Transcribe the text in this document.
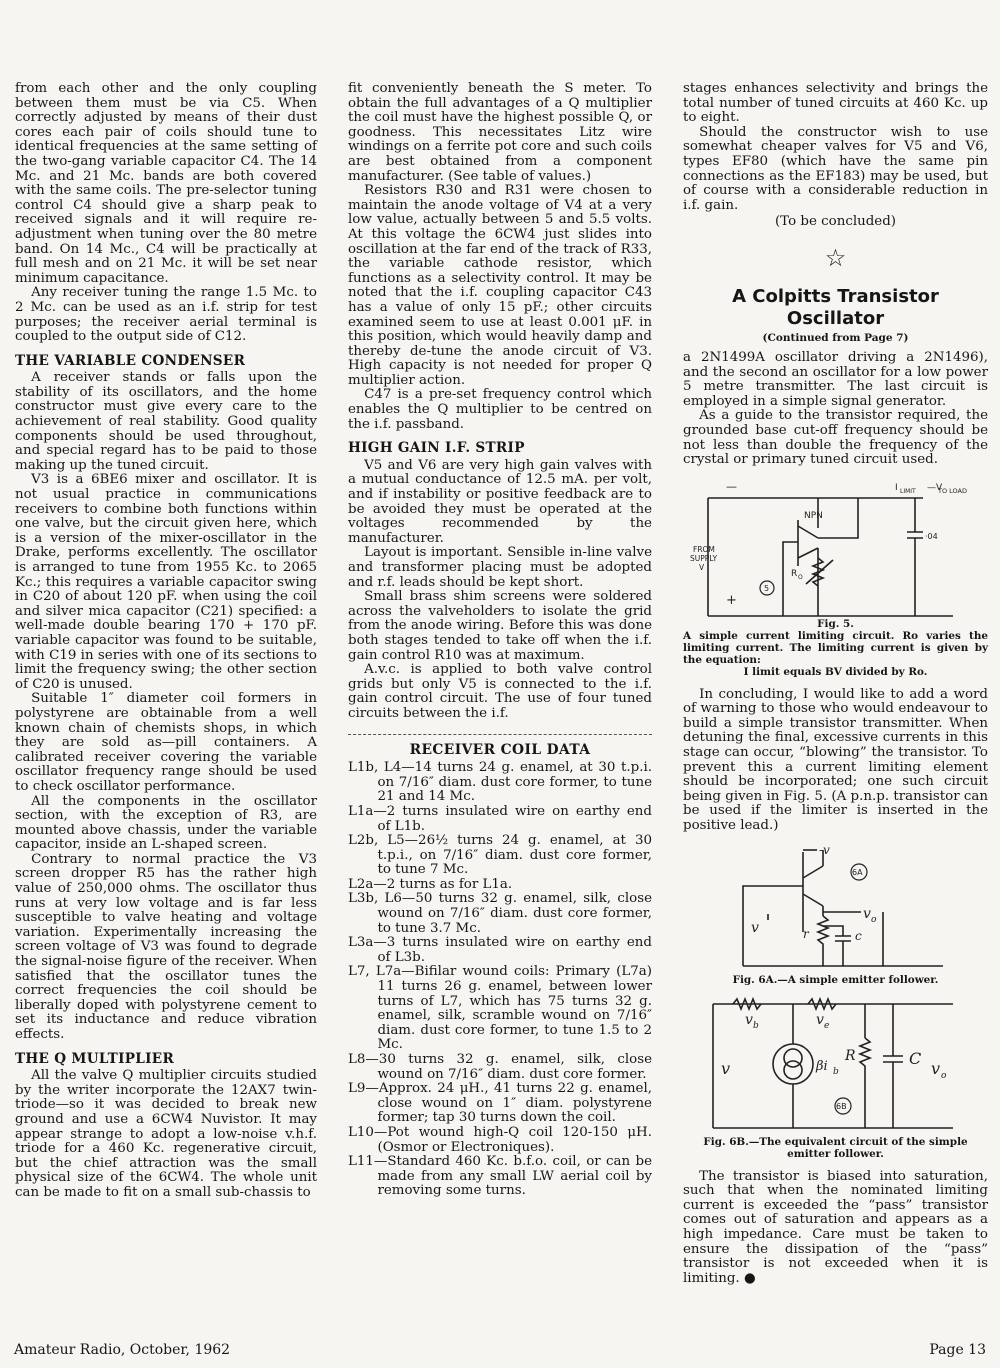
from each other and the only coupling between them must be via C5. When correctly adjusted by means of their dust cores each pair of coils should tune to identical frequencies at the same setting of the two-gang variable capacitor C4. The 14 Mc. and 21 Mc. bands are both covered with the same coils. The pre-selector tuning control C4 should give a sharp peak to received signals and it will require re-adjustment when tuning over the 80 metre band. On 14 Mc., C4 will be practically at full mesh and on 21 Mc. it will be set near minimum capacitance.

Any receiver tuning the range 1.5 Mc. to 2 Mc. can be used as an i.f. strip for test purposes; the receiver aerial terminal is coupled to the output side of C12.

THE VARIABLE CONDENSER

A receiver stands or falls upon the stability of its oscillators, and the home constructor must give every care to the achievement of real stability. Good quality components should be used throughout, and special regard has to be paid to those making up the tuned circuit.

V3 is a 6BE6 mixer and oscillator. It is not usual practice in communications receivers to combine both functions within one valve, but the circuit given here, which is a version of the mixer-oscillator in the Drake, performs excellently. The oscillator is arranged to tune from 1955 Kc. to 2065 Kc.; this requires a variable capacitor swing in C20 of about 120 pF. when using the coil and silver mica capacitor (C21) specified: a well-made double bearing 170 + 170 pF. variable capacitor was found to be suitable, with C19 in series with one of its sections to limit the frequency swing; the other section of C20 is unused.

Suitable 1″ diameter coil formers in polystyrene are obtainable from a well known chain of chemists shops, in which they are sold as—pill containers. A calibrated receiver covering the variable oscillator frequency range should be used to check oscillator performance.

All the components in the oscillator section, with the exception of R3, are mounted above chassis, under the variable capacitor, inside an L-shaped screen.

Contrary to normal practice the V3 screen dropper R5 has the rather high value of 250,000 ohms. The oscillator thus runs at very low voltage and is far less susceptible to valve heating and voltage variation. Experimentally increasing the screen voltage of V3 was found to degrade the signal-noise figure of the receiver. When satisfied that the oscillator tunes the correct frequencies the coil should be liberally doped with polystyrene cement to set its inductance and reduce vibration effects.

THE Q MULTIPLIER

All the valve Q multiplier circuits studied by the writer incorporate the 12AX7 twin-triode—so it was decided to break new ground and use a 6CW4 Nuvistor. It may appear strange to adopt a low-noise v.h.f. triode for a 460 Kc. regenerative circuit, but the chief attraction was the small physical size of the 6CW4. The whole unit can be made to fit on a small sub-chassis to

fit conveniently beneath the S meter. To obtain the full advantages of a Q multiplier the coil must have the highest possible Q, or goodness. This necessitates Litz wire windings on a ferrite pot core and such coils are best obtained from a component manufacturer. (See table of values.)

Resistors R30 and R31 were chosen to maintain the anode voltage of V4 at a very low value, actually between 5 and 5.5 volts. At this voltage the 6CW4 just slides into oscillation at the far end of the track of R33, the variable cathode resistor, which functions as a selectivity control. It may be noted that the i.f. coupling capacitor C43 has a value of only 15 pF.; other circuits examined seem to use at least 0.001 μF. in this position, which would heavily damp and thereby de-tune the anode circuit of V3. High capacity is not needed for proper Q multiplier action.

C47 is a pre-set frequency control which enables the Q multiplier to be centred on the i.f. passband.

HIGH GAIN I.F. STRIP

V5 and V6 are very high gain valves with a mutual conductance of 12.5 mA. per volt, and if instability or positive feedback are to be avoided they must be operated at the voltages recommended by the manufacturer.

Layout is important. Sensible in-line valve and transformer placing must be adopted and r.f. leads should be kept short.

Small brass shim screens were soldered across the valveholders to isolate the grid from the anode wiring. Before this was done both stages tended to take off when the i.f. gain control R10 was at maximum.

A.v.c. is applied to both valve control grids but only V5 is connected to the i.f. gain control circuit. The use of four tuned circuits between the i.f.

RECEIVER COIL DATA

L1b, L4—14 turns 24 g. enamel, at 30 t.p.i. on 7/16″ diam. dust core former, to tune 21 and 14 Mc.

L1a—2 turns insulated wire on earthy end of L1b.

L2b, L5—26½ turns 24 g. enamel, at 30 t.p.i., on 7/16″ diam. dust core former, to tune 7 Mc.

L2a—2 turns as for L1a.

L3b, L6—50 turns 32 g. enamel, silk, close wound on 7/16″ diam. dust core former, to tune 3.7 Mc.

L3a—3 turns insulated wire on earthy end of L3b.

L7, L7a—Bifilar wound coils: Primary (L7a) 11 turns 26 g. enamel, between lower turns of L7, which has 75 turns 32 g. enamel, silk, scramble wound on 7/16″ diam. dust core former, to tune 1.5 to 2 Mc.

L8—30 turns 32 g. enamel, silk, close wound on 7/16″ diam. dust core former.

L9—Approx. 24 μH., 41 turns 22 g. enamel, close wound on 1″ diam. polystyrene former; tap 30 turns down the coil.

L10—Pot wound high-Q coil 120-150 μH. (Osmor or Electroniques).

L11—Standard 460 Kc. b.f.o. coil, or can be made from any small LW aerial coil by removing some turns.

stages enhances selectivity and brings the total number of tuned circuits at 460 Kc. up to eight.

Should the constructor wish to use somewhat cheaper valves for V5 and V6, types EF80 (which have the same pin connections as the EF183) may be used, but of course with a considerable reduction in i.f. gain.

(To be concluded)

☆
A Colpitts Transistor Oscillator
(Continued from Page 7)

a 2N1499A oscillator driving a 2N1496), and the second an oscillator for a low power 5 metre transmitter. The last circuit is employed in a simple signal generator.

As a guide to the transistor required, the grounded base cut-off frequency should be not less than double the frequency of the crystal or primary tuned circuit used.

—
+
NPN
FROM
SUPPLY
V
R O
·04
I LIMIT —V
TO LOAD
5

Fig. 5.

A simple current limiting circuit. Ro varies the limiting current. The limiting current is given by the equation:

I limit equals BV divided by Ro.

In concluding, I would like to add a word of warning to those who would endeavour to build a simple transistor transmitter. When detuning the final, excessive currents in this stage can occur, “blowing” the transistor. To prevent this a current limiting element should be incorporated; one such circuit being given in Fig. 5. (A p.n.p. transistor can be used if the limiter is inserted in the positive lead.)

-v
v
v o
r	c
6A

Fig. 6A.—A simple emitter follower.

v b	v e
v	βi b
R	C
v o
6B

Fig. 6B.—The equivalent circuit of the simple emitter follower.

The transistor is biased into saturation, such that when the nominated limiting current is exceeded the “pass” transistor comes out of saturation and appears as a high impedance. Care must be taken to ensure the dissipation of the “pass” transistor is not exceeded when it is limiting. ●

Amateur Radio, October, 1962	Page 13
